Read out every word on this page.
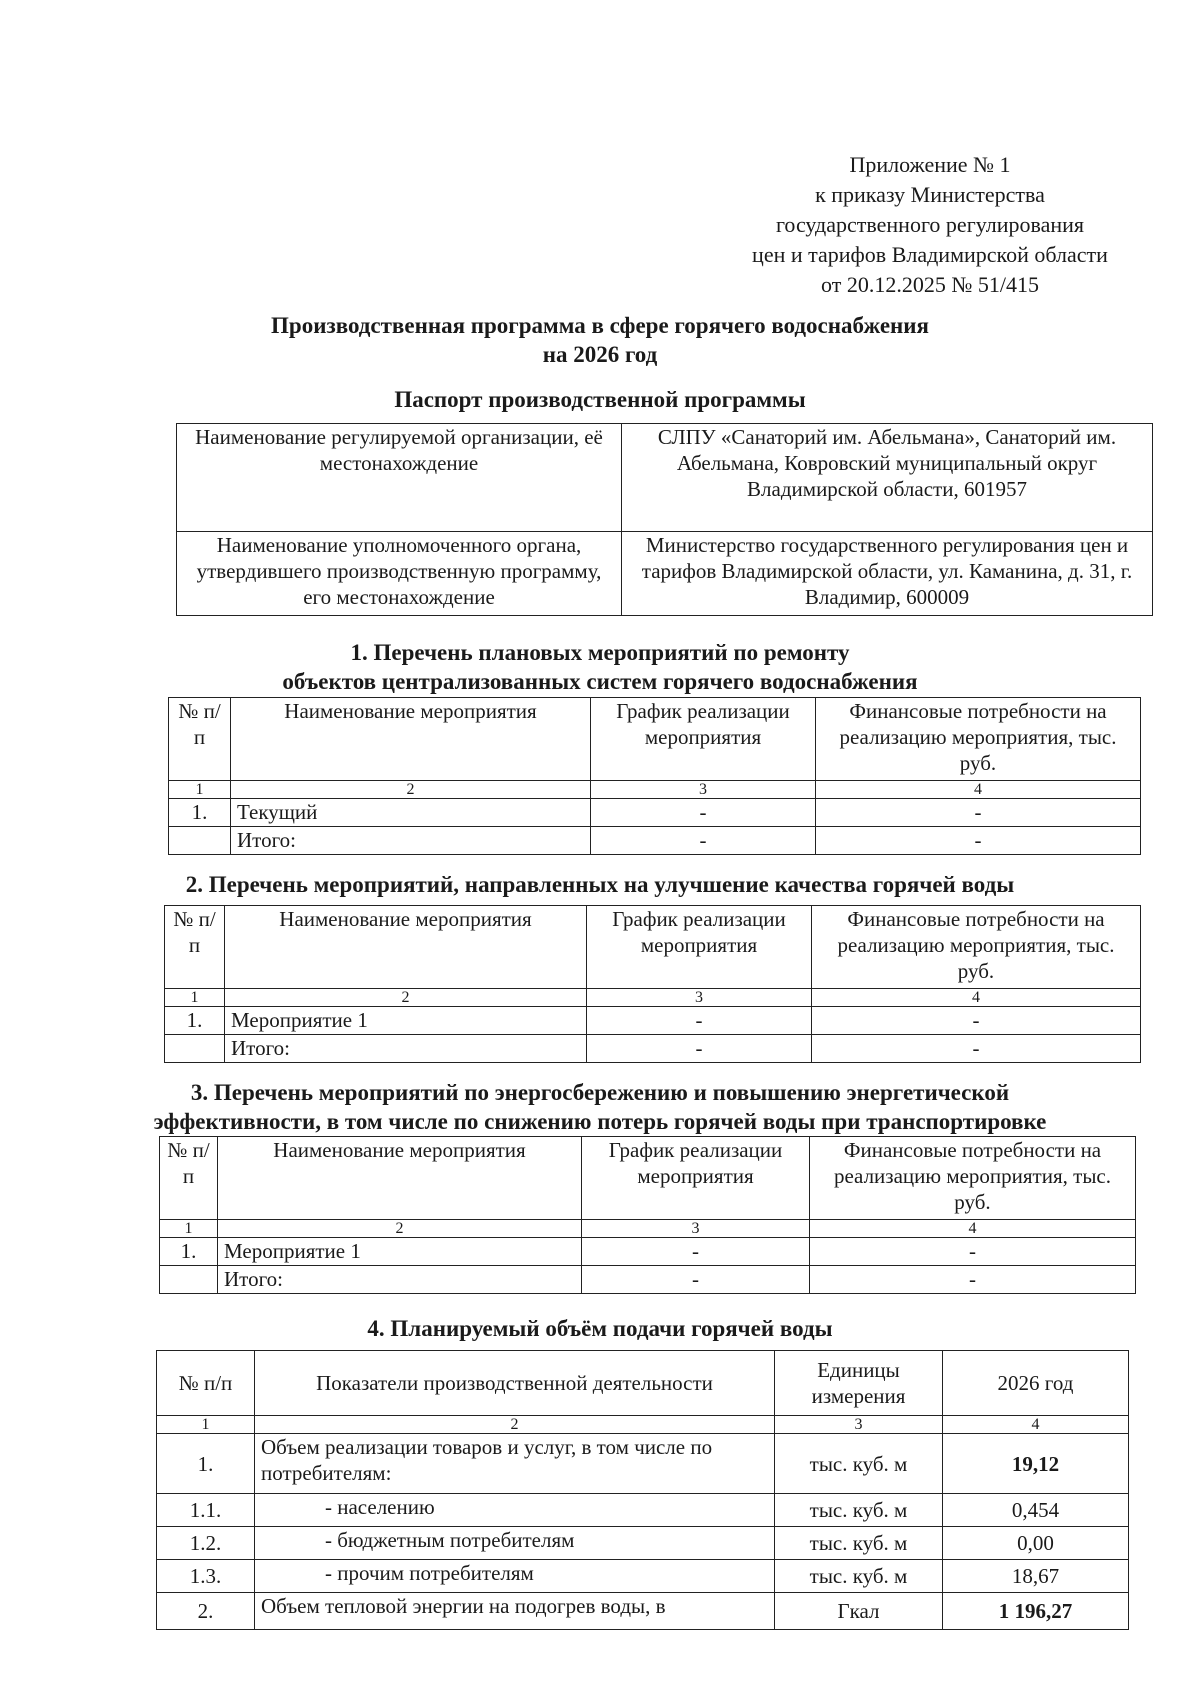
Приложение № 1
к приказу Министерства
государственного регулирования
цен и тарифов Владимирской области
от 20.12.2025 № 51/415
Производственная программа в сфере горячего водоснабжения
на 2026 год
Паспорт производственной программы
Наименование регулируемой организации, её местонахождение	СЛПУ «Санаторий им. Абельмана», Санаторий им. Абельмана, Ковровский муниципальный округ Владимирской области, 601957
Наименование уполномоченного органа, утвердившего производственную программу, его местонахождение	Министерство государственного регулирования цен и тарифов Владимирской области, ул. Каманина, д. 31, г. Владимир, 600009
1. Перечень плановых мероприятий по ремонту
объектов централизованных систем горячего водоснабжения
№ п/п	Наименование мероприятия	График реализации мероприятия	Финансовые потребности на реализацию мероприятия, тыс. руб.
1	2	3	4
1.	Текущий	-	-
	Итого:	-	-
2. Перечень мероприятий, направленных на улучшение качества горячей воды
№ п/п	Наименование мероприятия	График реализации мероприятия	Финансовые потребности на реализацию мероприятия, тыс. руб.
1	2	3	4
1.	Мероприятие 1	-	-
	Итого:	-	-
3. Перечень мероприятий по энергосбережению и повышению энергетической
эффективности, в том числе по снижению потерь горячей воды при транспортировке
№ п/п	Наименование мероприятия	График реализации мероприятия	Финансовые потребности на реализацию мероприятия, тыс. руб.
1	2	3	4
1.	Мероприятие 1	-	-
	Итого:	-	-
4. Планируемый объём подачи горячей воды
№ п/п	Показатели производственной деятельности	Единицы измерения	2026 год
1	2	3	4
1.	Объем реализации товаров и услуг, в том числе по потребителям:	тыс. куб. м	19,12
1.1.	- населению	тыс. куб. м	0,454
1.2.	- бюджетным потребителям	тыс. куб. м	0,00
1.3.	- прочим потребителям	тыс. куб. м	18,67
2.	Объем тепловой энергии на подогрев воды, в	Гкал	1 196,27
